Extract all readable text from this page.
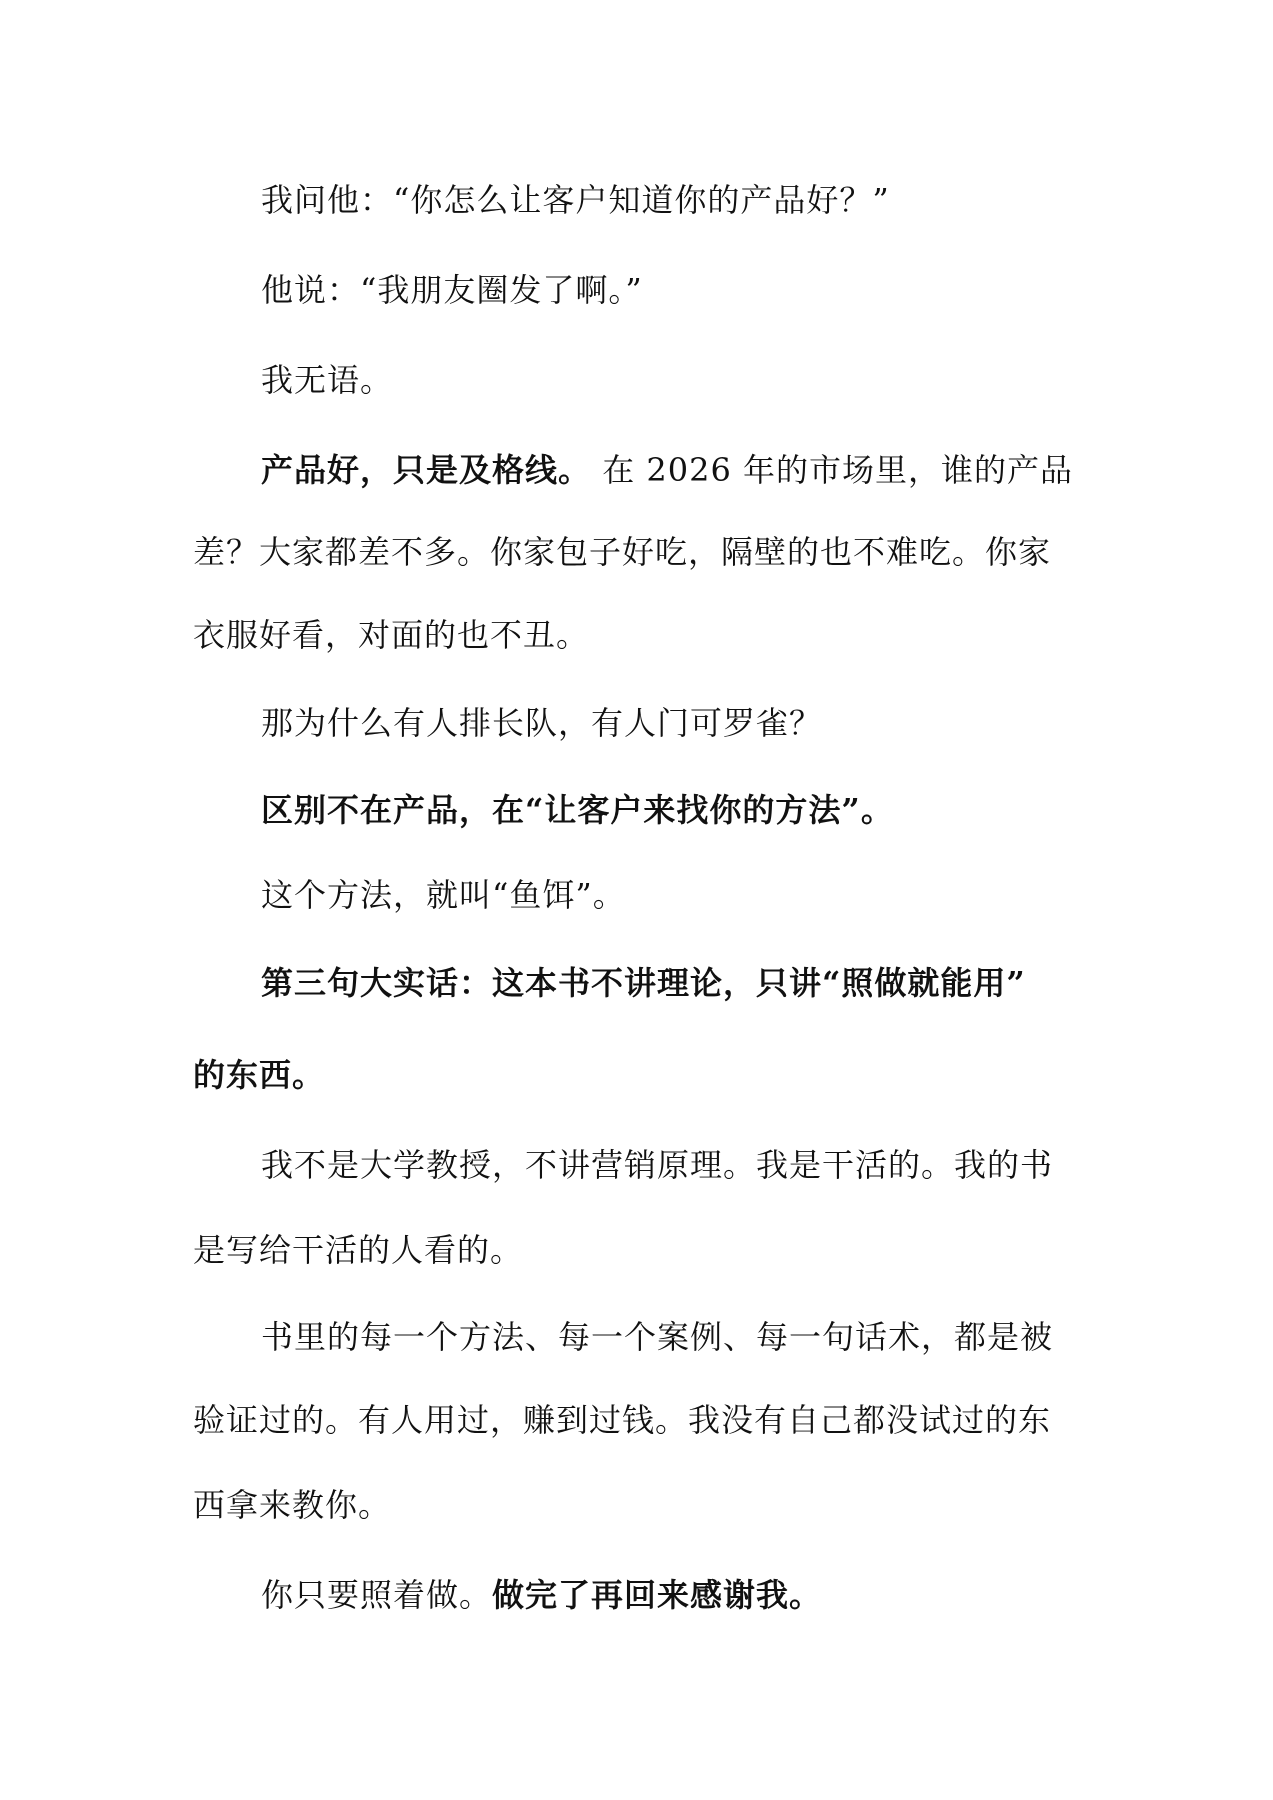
我问他：“你怎么让客户知道你的产品好？”
他说：“我朋友圈发了啊。”
我无语。
产品好，只是及格线。 在 2026 年的市场里，谁的产品
差？大家都差不多。你家包子好吃，隔壁的也不难吃。你家
衣服好看，对面的也不丑。
那为什么有人排长队，有人门可罗雀？
区别不在产品，在“让客户来找你的方法”。
这个方法，就叫“鱼饵”。
第三句大实话：这本书不讲理论，只讲“照做就能用”
的东西。
我不是大学教授，不讲营销原理。我是干活的。我的书
是写给干活的人看的。
书里的每一个方法、每一个案例、每一句话术，都是被
验证过的。有人用过，赚到过钱。我没有自己都没试过的东
西拿来教你。
你只要照着做。做完了再回来感谢我。
